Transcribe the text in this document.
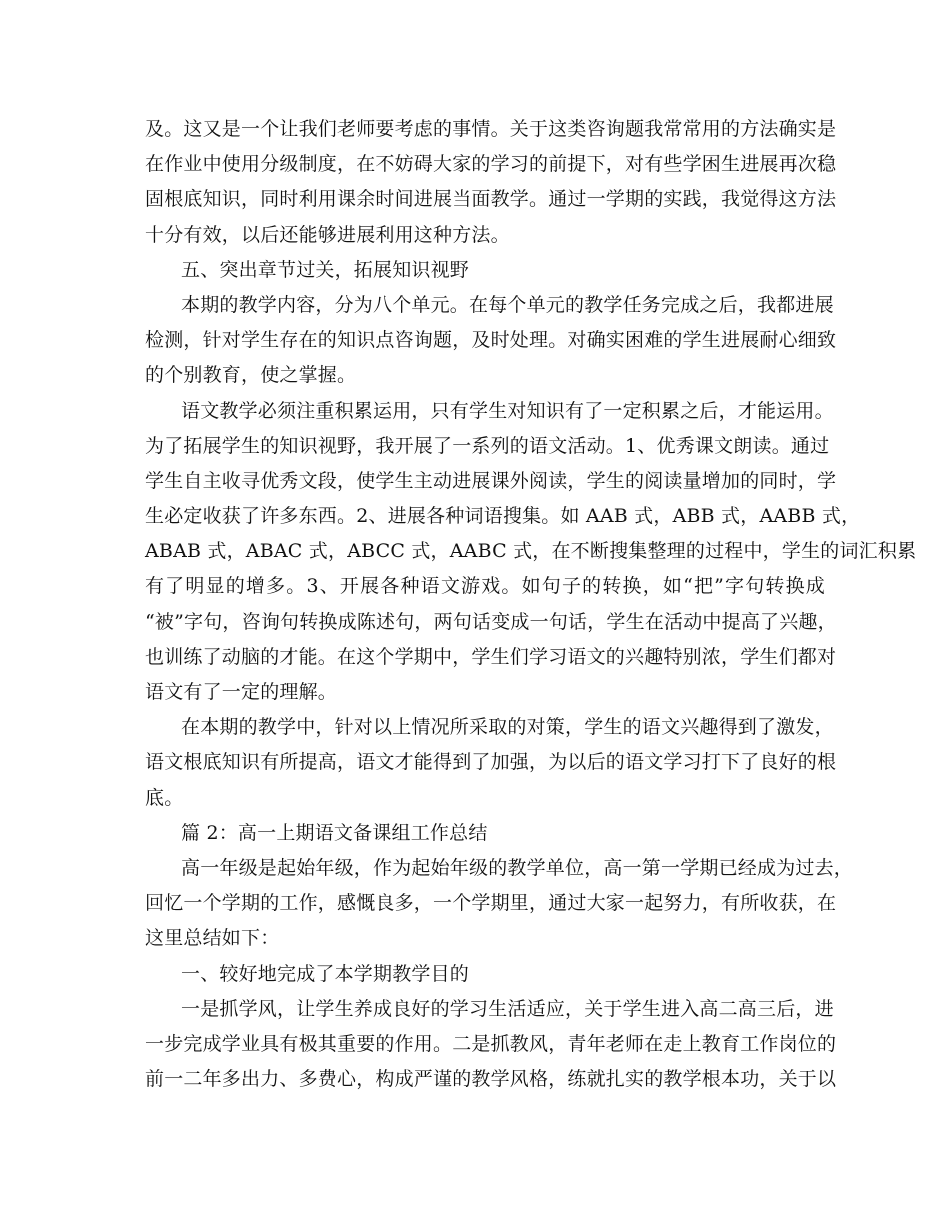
及。这又是一个让我们老师要考虑的事情。关于这类咨询题我常常用的方法确实是
在作业中使用分级制度，在不妨碍大家的学习的前提下，对有些学困生进展再次稳
固根底知识，同时利用课余时间进展当面教学。通过一学期的实践，我觉得这方法
十分有效，以后还能够进展利用这种方法。
五、突出章节过关，拓展知识视野
本期的教学内容，分为八个单元。在每个单元的教学任务完成之后，我都进展
检测，针对学生存在的知识点咨询题，及时处理。对确实困难的学生进展耐心细致
的个别教育，使之掌握。
语文教学必须注重积累运用，只有学生对知识有了一定积累之后，才能运用。
为了拓展学生的知识视野，我开展了一系列的语文活动。1、优秀课文朗读。通过
学生自主收寻优秀文段，使学生主动进展课外阅读，学生的阅读量增加的同时，学
生必定收获了许多东西。2、进展各种词语搜集。如 AAB 式，ABB 式，AABB 式，
ABAB 式，ABAC 式，ABCC 式，AABC 式，在不断搜集整理的过程中，学生的词汇积累
有了明显的增多。3、开展各种语文游戏。如句子的转换，如“把”字句转换成
“被”字句，咨询句转换成陈述句，两句话变成一句话，学生在活动中提高了兴趣，
也训练了动脑的才能。在这个学期中，学生们学习语文的兴趣特别浓，学生们都对
语文有了一定的理解。
在本期的教学中，针对以上情况所采取的对策，学生的语文兴趣得到了激发，
语文根底知识有所提高，语文才能得到了加强，为以后的语文学习打下了良好的根
底。
篇 2：高一上期语文备课组工作总结
高一年级是起始年级，作为起始年级的教学单位，高一第一学期已经成为过去，
回忆一个学期的工作，感慨良多，一个学期里，通过大家一起努力，有所收获，在
这里总结如下：
一、较好地完成了本学期教学目的
一是抓学风，让学生养成良好的学习生活适应，关于学生进入高二高三后，进
一步完成学业具有极其重要的作用。二是抓教风，青年老师在走上教育工作岗位的
前一二年多出力、多费心，构成严谨的教学风格，练就扎实的教学根本功，关于以
